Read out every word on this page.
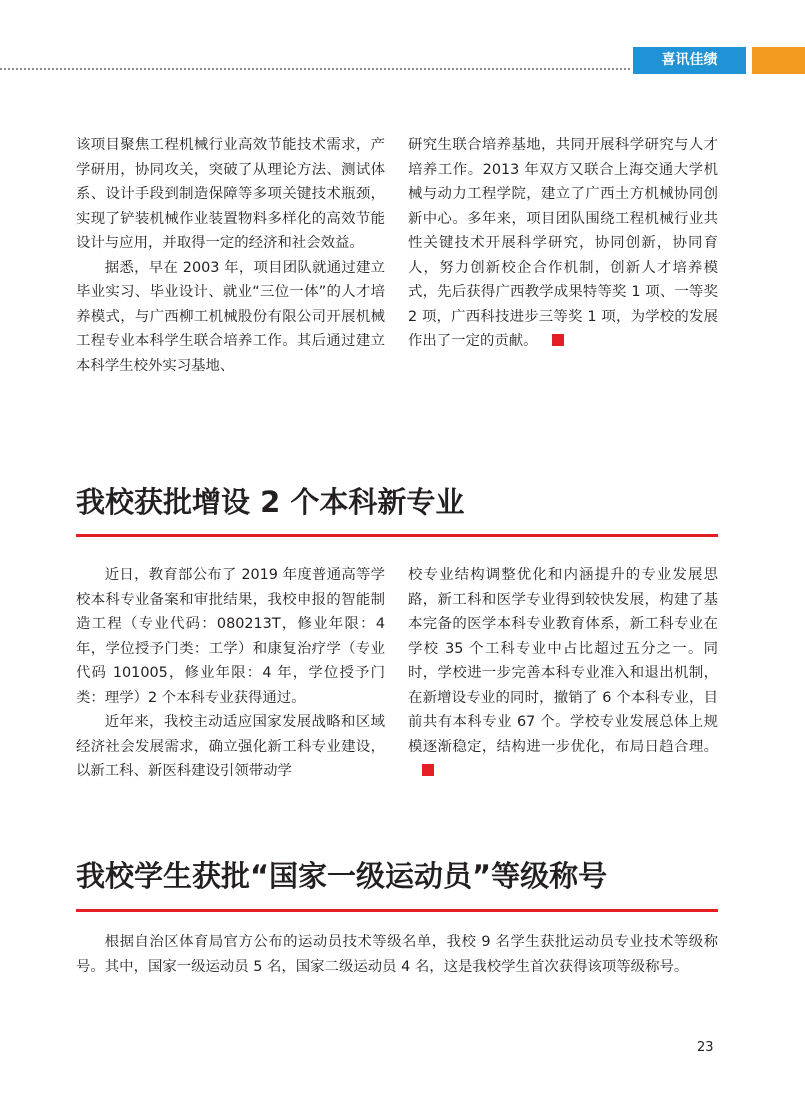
喜讯佳绩

该项目聚焦工程机械行业高效节能技术需求，产学研用，协同攻关，突破了从理论方法、测试体系、设计手段到制造保障等多项关键技术瓶颈，实现了铲装机械作业装置物料多样化的高效节能设计与应用，并取得一定的经济和社会效益。

据悉，早在 2003 年，项目团队就通过建立毕业实习、毕业设计、就业“三位一体”的人才培养模式，与广西柳工机械股份有限公司开展机械工程专业本科学生联合培养工作。其后通过建立本科学生校外实习基地、

研究生联合培养基地，共同开展科学研究与人才培养工作。2013 年双方又联合上海交通大学机械与动力工程学院，建立了广西土方机械协同创新中心。多年来，项目团队围绕工程机械行业共性关键技术开展科学研究，协同创新，协同育人，努力创新校企合作机制，创新人才培养模式，先后获得广西教学成果特等奖 1 项、一等奖 2 项，广西科技进步三等奖 1 项，为学校的发展作出了一定的贡献。

我校获批增设 2 个本科新专业

近日，教育部公布了 2019 年度普通高等学校本科专业备案和审批结果，我校申报的智能制造工程（专业代码：080213T，修业年限：4 年，学位授予门类：工学）和康复治疗学（专业代码 101005，修业年限：4 年，学位授予门类：理学）2 个本科专业获得通过。

近年来，我校主动适应国家发展战略和区域经济社会发展需求，确立强化新工科专业建设，以新工科、新医科建设引领带动学

校专业结构调整优化和内涵提升的专业发展思路，新工科和医学专业得到较快发展，构建了基本完备的医学本科专业教育体系，新工科专业在学校 35 个工科专业中占比超过五分之一。同时，学校进一步完善本科专业准入和退出机制，在新增设专业的同时，撤销了 6 个本科专业，目前共有本科专业 67 个。学校专业发展总体上规模逐渐稳定，结构进一步优化，布局日趋合理。

我校学生获批“国家一级运动员”等级称号

根据自治区体育局官方公布的运动员技术等级名单，我校 9 名学生获批运动员专业技术等级称号。其中，国家一级运动员 5 名，国家二级运动员 4 名，这是我校学生首次获得该项等级称号。

23
